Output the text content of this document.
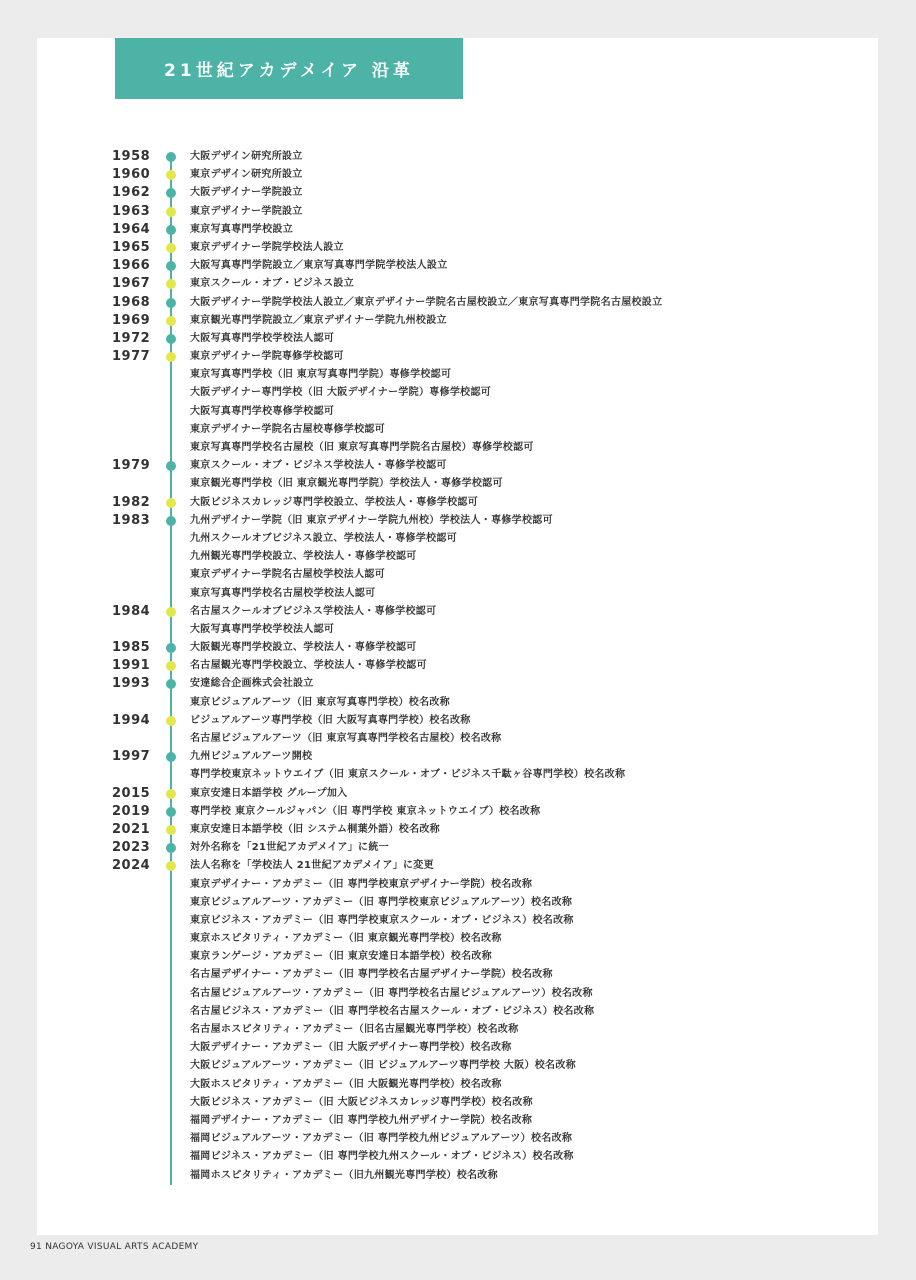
21世紀アカデメイア 沿革
1958	大阪デザイン研究所設立
1960	東京デザイン研究所設立
1962	大阪デザイナー学院設立
1963	東京デザイナー学院設立
1964	東京写真専門学校設立
1965	東京デザイナー学院学校法人設立
1966	大阪写真専門学院設立／東京写真専門学院学校法人設立
1967	東京スクール・オブ・ビジネス設立
1968	大阪デザイナー学院学校法人設立／東京デザイナー学院名古屋校設立／東京写真専門学院名古屋校設立
1969	東京観光専門学院設立／東京デザイナー学院九州校設立
1972	大阪写真専門学校学校法人認可
1977	東京デザイナー学院専修学校認可
東京写真専門学校（旧 東京写真専門学院）専修学校認可
大阪デザイナー専門学校（旧 大阪デザイナー学院）専修学校認可
大阪写真専門学校専修学校認可
東京デザイナー学院名古屋校専修学校認可
東京写真専門学校名古屋校（旧 東京写真専門学院名古屋校）専修学校認可
1979	東京スクール・オブ・ビジネス学校法人・専修学校認可
東京観光専門学校（旧 東京観光専門学院）学校法人・専修学校認可
1982	大阪ビジネスカレッジ専門学校設立、学校法人・専修学校認可
1983	九州デザイナー学院（旧 東京デザイナー学院九州校）学校法人・専修学校認可
九州スクールオブビジネス設立、学校法人・専修学校認可
九州観光専門学校設立、学校法人・専修学校認可
東京デザイナー学院名古屋校学校法人認可
東京写真専門学校名古屋校学校法人認可
1984	名古屋スクールオブビジネス学校法人・専修学校認可
大阪写真専門学校学校法人認可
1985	大阪観光専門学校設立、学校法人・専修学校認可
1991	名古屋観光専門学校設立、学校法人・専修学校認可
1993	安達総合企画株式会社設立
東京ビジュアルアーツ（旧 東京写真専門学校）校名改称
1994	ビジュアルアーツ専門学校（旧 大阪写真専門学校）校名改称
名古屋ビジュアルアーツ（旧 東京写真専門学校名古屋校）校名改称
1997	九州ビジュアルアーツ開校
専門学校東京ネットウエイブ（旧 東京スクール・オブ・ビジネス千駄ヶ谷専門学校）校名改称
2015	東京安達日本語学校 グループ加入
2019	専門学校 東京クールジャパン（旧 専門学校 東京ネットウエイブ）校名改称
2021	東京安達日本語学校（旧 システム桐葉外語）校名改称
2023	対外名称を「21世紀アカデメイア」に統一
2024	法人名称を「学校法人 21世紀アカデメイア」に変更
東京デザイナー・アカデミー（旧 専門学校東京デザイナー学院）校名改称
東京ビジュアルアーツ・アカデミー（旧 専門学校東京ビジュアルアーツ）校名改称
東京ビジネス・アカデミー（旧 専門学校東京スクール・オブ・ビジネス）校名改称
東京ホスピタリティ・アカデミー（旧 東京観光専門学校）校名改称
東京ランゲージ・アカデミー（旧 東京安達日本語学校）校名改称
名古屋デザイナー・アカデミー（旧 専門学校名古屋デザイナー学院）校名改称
名古屋ビジュアルアーツ・アカデミー（旧 専門学校名古屋ビジュアルアーツ）校名改称
名古屋ビジネス・アカデミー（旧 専門学校名古屋スクール・オブ・ビジネス）校名改称
名古屋ホスピタリティ・アカデミー（旧名古屋観光専門学校）校名改称
大阪デザイナー・アカデミー（旧 大阪デザイナー専門学校）校名改称
大阪ビジュアルアーツ・アカデミー（旧 ビジュアルアーツ専門学校 大阪）校名改称
大阪ホスピタリティ・アカデミー（旧 大阪観光専門学校）校名改称
大阪ビジネス・アカデミー（旧 大阪ビジネスカレッジ専門学校）校名改称
福岡デザイナー・アカデミー（旧 専門学校九州デザイナー学院）校名改称
福岡ビジュアルアーツ・アカデミー（旧 専門学校九州ビジュアルアーツ）校名改称
福岡ビジネス・アカデミー（旧 専門学校九州スクール・オブ・ビジネス）校名改称
福岡ホスピタリティ・アカデミー（旧九州観光専門学校）校名改称
91 NAGOYA VISUAL ARTS ACADEMY
